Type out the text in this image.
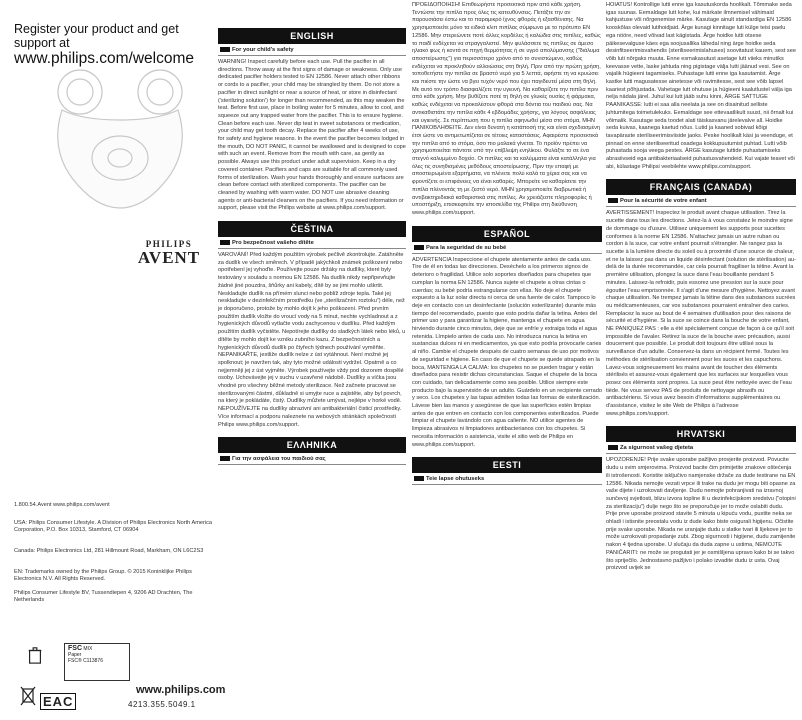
Register your product and get support at
www.philips.com/welcome
PHILIPS
AVENT

1.800.54.Avent www.philips.com/avent

USA: Philips Consumer Lifestyle. A Division of Philips Electronics North America Corporation, P.O. Box 10313, Stamford, CT 06904

Canada: Philips Electronics Ltd, 281 Hillmount Road, Markham, ON L6C2S3

EN: Trademarks owned by the Philips Group. © 2015 Koninklijke Philips Electronics N.V. All Rights Reserved.

Philips Consumer Lifestyle BV, Tussendiepen 4, 9206 AD Drachten, The Netherlands

FSC MIX
Paper
FSC® C113876
EAC
www.philips.com
4213.355.5049.1
ENGLISH
For your child's safety
WARNING! Inspect carefully before each use. Pull the pacifier in all directions. Throw away at the first signs of damage or weakness. Only use dedicated pacifier holders tested to EN 12586. Never attach other ribbons or cords to a pacifier, your child may be strangled by them. Do not store a pacifier in direct sunlight or near a source of heat, or store in disinfectant ('sterilizing solution') for longer than recommended, as this may weaken the teat. Before first use, place in boiling water for 5 minutes, allow to cool, and squeeze out any trapped water from the pacifier. This is to ensure hygiene. Clean before each use. Never dip teat in sweet substances or medication, your child may get tooth decay. Replace the pacifier after 4 weeks of use, for safety and hygiene reasons. In the event the pacifier becomes lodged in the mouth, DO NOT PANIC, it cannot be swallowed and is designed to cope with such an event. Remove from the mouth with care, as gently as possible. Always use this product under adult supervision. Keep in a dry covered container. Pacifiers and caps are suitable for all commonly used forms of sterilization. Wash your hands thoroughly and ensure surfaces are clean before contact with sterilized components. The pacifier can be cleaned by washing with warm water. DO NOT use abrasive cleaning agents or anti-bacterial cleaners on the pacifiers. If you need information or support, please visit the Philips website at www.philips.com/support.
ČEŠTINA
Pro bezpečnost vašeho dítěte
VAROVÁNÍ! Před každým použitím výrobek pečlivě zkontrolujte. Zatáhněte za dudlík ve všech směrech. V případě jakýchkoli známek poškození nebo opotřebení jej vyhoďte. Používejte pouze držáky na dudlíky, které byly testovány v souladu s normou EN 12586. Na dudlík nikdy nepřipevňujte žádné jiné pouzdra, šňůrky ani kabely, dítě by se jimi mohlo uškrtit. Neskladujte dudlík na přímém slunci nebo poblíž zdroje tepla. Také jej neskladujte v dezinfekčním prostředku (ve „sterilizačním roztoku“) déle, než je doporučeno, protože by mohlo dojít k jeho poškození. Před prvním použitím dudlík vložte do vroucí vody na 5 minut, nechte vychladnout a z hygienických důvodů vytlačte vodu zachycenou v dudlíku. Před každým použitím dudlík vyčistěte. Nepotírejte dudlíky do sladkých látek nebo léků, u dítěte by mohlo dojít ke vzniku zubního kazu. Z bezpečnostních a hygienických důvodů dudlík po čtyřech týdnech používání vyměňte. NEPANIKAŘTE, jestliže dudlík nelze z úst vytáhnout. Není možné jej spolknout; je navržen tak, aby tyto možné události vydržel. Opatrně a co nejjemněji jej z úst vyjměte. Výrobek používejte vždy pod dozorem dospělé osoby. Uchovávejte jej v suchu v uzavřené nádobě. Dudlíky a víčka jsou vhodné pro všechny běžné metody sterilizace. Než začnete pracovat se sterilizovanými částmi, důkladně si umyjte ruce a zajistěte, aby byl povrch, na který je pokládáte, čistý. Dudlíky můžete umývat, nejlépe v horké vodě. NEPOUŽÍVEJTE na dudlíky abrazivní ani antibakteriální čisticí prostředky. Více informací a podporu naleznete na webových stránkách společnosti Philips www.philips.com/support.
ΕΛΛΗΝΙΚΑ
Για την ασφάλεια του παιδιού σας
ΠΡΟΕΙΔΟΠΟΙΗΣΗ! Επιθεωρήστε προσεκτικά πριν από κάθε χρήση. Τεντώστε την πιπίλα προς όλες τις κατευθύνσεις. Πετάξτε την αν παρουσιάσει έστω και το παραμικρό ίχνος φθοράς ή εξασθένισης. Να χρησιμοποιείτε μόνο τα ειδικά κλιπ πιπίλας σύμφωνα με το πρότυπο EN 12586. Μην στερεώνετε ποτέ άλλες κορδέλες ή καλώδια στις πιπίλες, καθώς το παιδί ενδέχεται να στραγγαλιστεί. Μην φυλάσσετε τις πιπίλες σε άμεσο ηλιακό φως ή κοντά σε πηγή θερμότητας ή σε υγρό απολύμανσης ("διάλυμα αποστείρωσης") για περισσότερο χρόνο από το συνιστώμενο, καθώς ενδέχεται να προκληθούν αλλοιώσεις στη θηλή. Πριν από την πρώτη χρήση, τοποθετήστε την πιπίλα σε βραστό νερό για 5 λεπτά, αφήστε τη να κρυώσει και πιέστε την ώστε να βγει τυχόν νερό που έχει παγιδευτεί μέσα στη θηλή. Με αυτό τον τρόπο διασφαλίζετε την υγιεινή. Να καθαρίζετε την πιπίλα πριν από κάθε χρήση. Μην βυθίζετε ποτέ τη θηλή σε γλυκές ουσίες ή φάρμακα, καθώς ενδέχεται να προκαλέσουν φθορά στα δόντια του παιδιού σας. Να αντικαθιστάτε την πιπίλα κάθε 4 εβδομάδες χρήσης, για λόγους ασφάλειας και υγιεινής. Σε περίπτωση που η πιπίλα σφηνωθεί μέσα στο στόμα, ΜΗΝ ΠΑΝΙΚΟΒΛΗΘΕΙΤΕ. Δεν είναι δυνατή η κατάποσή της και είναι σχεδιασμένη έτσι ώστε να αντιμετωπίζεται σε τέτοιες καταστάσεις. Αφαιρέστε προσεκτικά την πιπίλα από το στόμα, όσο πιο μαλακά γίνεται. Το προϊόν πρέπει να χρησιμοποιείται πάντοτε υπό την επίβλεψη ενηλίκου. Φυλάξτε το σε ένα στεγνό καλυμμένο δοχείο. Οι πιπίλες και τα καλύμματα είναι κατάλληλα για όλες τις συνηθισμένες μεθόδους αποστείρωσης. Πριν την επαφή με αποστειρωμένα εξαρτήματα, να πλένετε πολύ καλά τα χέρια σας και να φροντίζετε οι επιφάνειες να είναι καθαρές. Μπορείτε να καθαρίσετε την πιπίλα πλένοντάς τη με ζεστό νερό. ΜΗΝ χρησιμοποιείτε διαβρωτικά ή αντιβακτηριδιακά καθαριστικά στις πιπίλες. Αν χρειάζεστε πληροφορίες ή υποστήριξη, επισκεφτείτε την ιστοσελίδα της Philips στη διεύθυνση www.philips.com/support.
ESPAÑOL
Para la seguridad de su bebé
ADVERTENCIA Inspeccione el chupete atentamente antes de cada uso. Tire de él en todas las direcciones. Deséchelo a los primeros signos de deterioro o fragilidad. Utilice solo soportes diseñados para chupetes que cumplan la norma EN 12586. Nunca sujete el chupete a otras cintas o cuerdas; su bebé podría estrangularse con ellas. No deje el chupete expuesto a la luz solar directa ni cerca de una fuente de calor. Tampoco lo deje en contacto con un desinfectante (solución esterilizante) durante más tiempo del recomendado, puesto que esto podría dañar la tetina. Antes del primer uso y para garantizar la higiene, mantenga el chupete en agua hirviendo durante cinco minutos, deje que se enfríe y extraiga toda el agua retenida. Límpielo antes de cada uso. No introduzca nunca la tetina en sustancias dulces ni en medicamentos, ya que esto podría provocarle caries al niño. Cambie el chupete después de cuatro semanas de uso por motivos de seguridad e higiene. En caso de que el chupete se quede atrapado en la boca, MANTENGA LA CALMA: los chupetes no se pueden tragar y están diseñados para resistir dichas circunstancias. Saque el chupete de la boca con cuidado, tan delicadamente como sea posible. Utilice siempre este producto bajo la supervisión de un adulto. Guárdelo en un recipiente cerrado y seco. Los chupetes y las tapas admiten todas las formas de esterilización. Lávese bien las manos y asegúrese de que las superficies estén limpias antes de que entren en contacto con los componentes esterilizados. Puede limpiar el chupete lavándolo con agua caliente. NO utilice agentes de limpieza abrasivos ni limpiadores antibacterianos con los chupetes. Si necesita información o asistencia, visite el sitio web de Philips en www.philips.com/support.
EESTI
Teie lapse ohutuseks
HOIATUS! Kontrollige lutti enne iga kasutuskorda hoolikalt. Tõmmake seda igas suunas. Eemaldage lutt kohe, kui märkate ilmnemisel vähimaid kahjustuse või nõrgenemise märke. Kasutage ainult standardiga EN 12586 kooskõlas olevaid lutihoidjaid. Ärge kunagi kinnitage luti külge teisi paelu ega nööre, need võivad last kägistada. Ärge hoidke lutti otsese päikesevalguse käes ega soojusallika lähedal ning ärge hoidke seda desinfitseerimisvahendis (steriliseerimislahuses) soovitatust kauem, sest see võib luti nõrgaks muuta. Enne esmakasutust asetage lutt viieks minutiks keevasse vette, laske jahtuda ning pigistage välja lutti jäänud vesi. See on vajalik hügieeni tagamiseks. Puhastage lutti enne iga kasutamist. Ärge kastke lutti magusatesse ainetesse või ravimitesse, sest see võib lapsel kaariest põhjustada. Vahetage lutt ohutuse ja hügieeni kaalutlustel välja iga nelja nädala järel. Juhul kui lutt jääb suhu kinni, ÄRGE SATTUGE PAANIKASSE: lutti ei saa alla neelata ja see on disainitud selliste juhtumitega toimetulekuks. Eemaldage see ettevaatlikult suust, nii õrnalt kui võimalik. Kasutage seda toodet alati täiskasvanu järelevalve all. Hoidke seda kuivas, kaanega kaetud nõus. Lutid ja kaaned sobivad kõigi tavapäraste steriliseerimisviiside jaoks. Peske hoolikalt käsi ja veenduge, et pinnad on enne steriliseeritud osadega kokkupuutumist puhtad. Lutti võib puhastada sooja veega pestes. ÄRGE kasutage luttide puhastamiseks abrasiivseid ega antibakteriaalseid puhastusvahendeid. Kui vajate teavet või abi, külastage Philipsi veebilehte www.philips.com/support.
FRANÇAIS (CANADA)
Pour la sécurité de votre enfant
AVERTISSEMENT! Inspectez le produit avant chaque utilisation. Tirez la sucette dans tous les directions. Jetez-la à vous constatez le moindre signe de dommage ou d'usure. Utilisez uniquement les supports pour sucettes conformes à la norme EN 12586. N'attachez jamais un autre ruban ou cordon à la suce, car votre enfant pourrait s'étrangler. Ne rangez pas la sucette à la lumière directe du soleil ou à proximité d'une source de chaleur, et ne la laissez pas dans un liquide désinfectant (solution de stérilisation) au-delà de la durée recommandée, car cela pourrait fragiliser la tétine. Avant la première utilisation, plongez la suce dans l'eau bouillante pendant 5 minutes. Laissez-la refroidir, puis essorez une pression sur la suce pour égoutter l'eau emprisonnée. Il s'agit d'une mesure d'hygiène. Nettoyez avant chaque utilisation. Ne trempez jamais la tétine dans des substances sucrées ou médicamenteuses, car vos substances pourraient entraîner des caries. Remplacez la suce au bout de 4 semaines d'utilisation pour des raisons de sécurité et d'hygiène. Si la suce se coince dans la bouche de votre enfant, NE PANIQUEZ PAS : elle a été spécialement conçue de façon à ce qu'il soit impossible de l'avaler. Retirez la suce de la bouche avec précaution, aussi doucement que possible. Le produit doit toujours être utilisé sous la surveillance d'un adulte. Conservez-la dans un récipient fermé. Toutes les méthodes de stérilisation conviennent pour les suces et les capuchons. Lavez-vous soigneusement les mains avant de toucher des éléments stérilisés et assurez-vous également que les surfaces sur lesquelles vous posez ces éléments sont propres. La suce peut être nettoyée avec de l'eau tiède. Ne vous servez PAS de produits de nettoyage abrasifs ou antibactériens. Si vous avez besoin d'informations supplémentaires ou d'assistance, visitez le site Web de Philips à l'adresse www.philips.com/support.
HRVATSKI
Za sigurnost vašeg djeteta
UPOZORENJE! Prije svake uporabe pažljivo provjerite proizvod. Povucite dudu u svim smjerovima. Proizvod bacite čim primijetite znakove oštećenja ili istrošenosti. Koristite isključivo namjenske držače za dude testirane na EN 12586. Nikada nemojte vezati vrpce ili trake na dudu jer mogu biti opasne za vaše dijete i uzrokovati davljenje. Dudu nemojte pohranjivati na izravnoj sunčevoj svjetlosti, blizu izvora topline ili u dezinfekcijskom sredstvu ("otopini za sterilizaciju") dulje nego što se preporučuje jer to može oslabiti dudu. Prije prve uporabe proizvod stavite 5 minuta u kipuću vodu, pustite neka se ohladi i istisnite preostalu vodu iz dude kako biste osigurali higijenu. Očistite prije svake uporabe. Nikada ne uranjajte dudu u slatke tvari ili lijekove jer to može uzrokovati propadanje zubi. Zbog sigurnosti i higijene, dudu zamijenite nakon 4 tjedna uporabe. U slučaju da duda zapne u ustima, NEMOJTE PANIČARITI: ne može se progutati jer je osmišljena upravo kako bi se takvo što spriječilo. Jednostavno pažljivo i polako izvadite dudu iz usta. Ovaj proizvod uvijek se
